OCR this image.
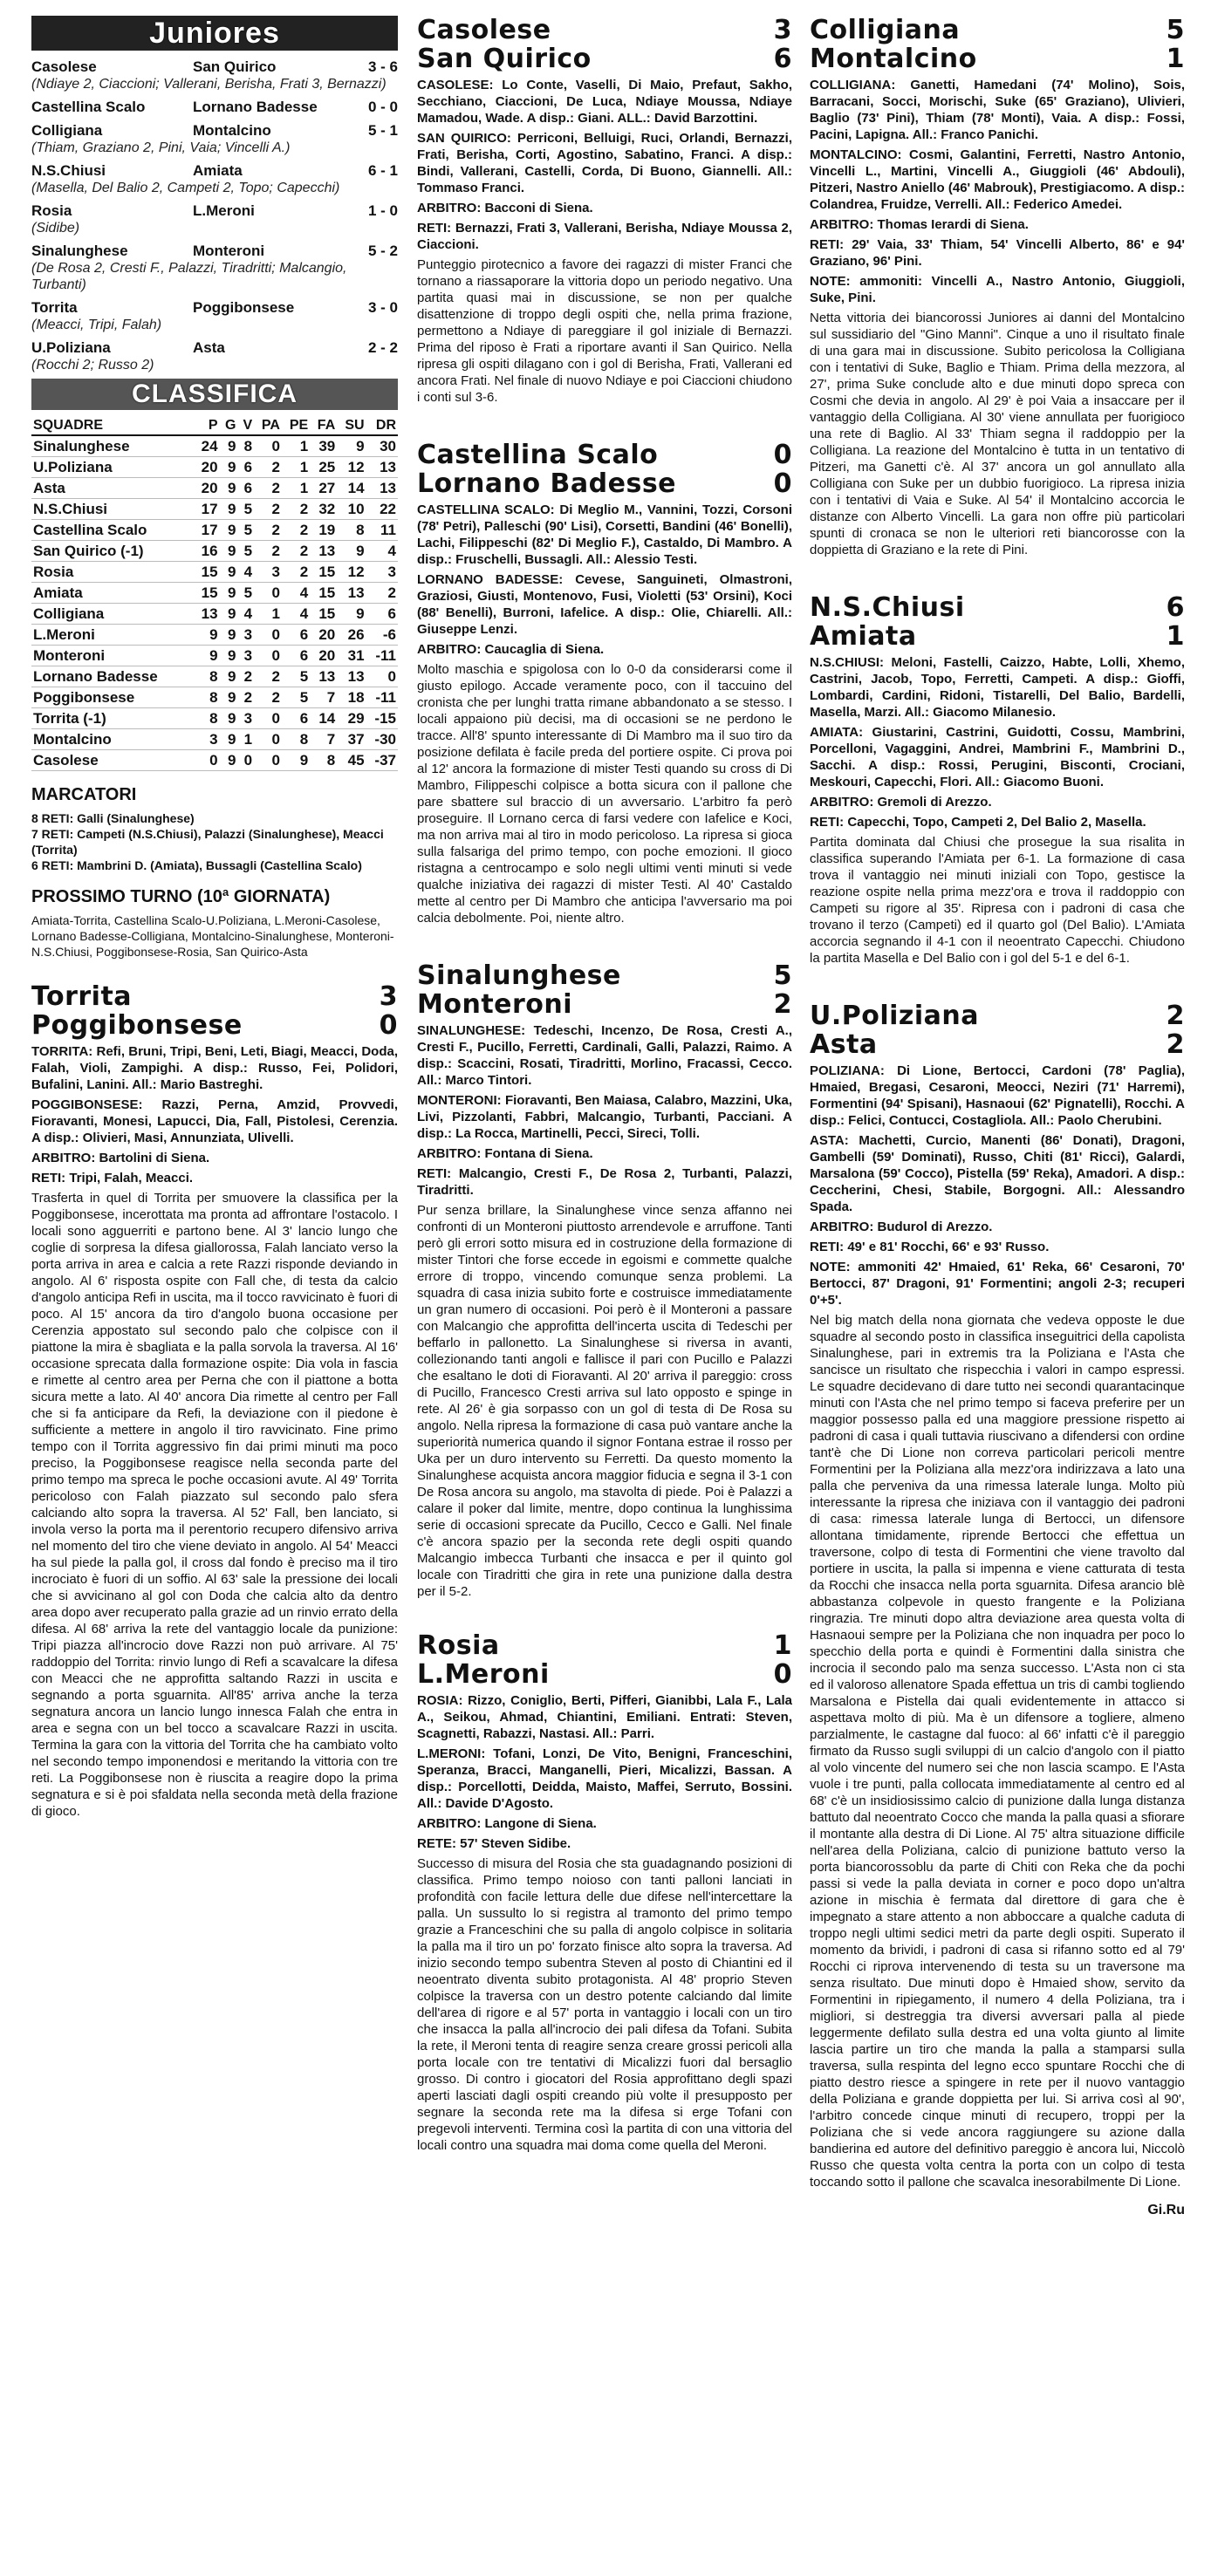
Juniores
Casolese	San Quirico	3 - 6
(Ndiaye 2, Ciaccioni; Vallerani, Berisha, Frati 3, Bernazzi)
Castellina Scalo	Lornano Badesse	0 - 0
Colligiana	Montalcino	5 - 1
(Thiam, Graziano 2, Pini, Vaia; Vincelli A.)
N.S.Chiusi	Amiata	6 - 1
(Masella, Del Balio 2, Campeti 2, Topo; Capecchi)
Rosia	L.Meroni	1 - 0
(Sidibe)
Sinalunghese	Monteroni	5 - 2
(De Rosa 2, Cresti F., Palazzi, Tiradritti; Malcangio, Turbanti)
Torrita	Poggibonsese	3 - 0
(Meacci, Tripi, Falah)
U.Poliziana	Asta	2 - 2
(Rocchi 2; Russo 2)
CLASSIFICA
SQUADRE	P	G	V	PA	PE	FA	SU	DR
Sinalunghese	24	9	8	0	1	39	9	30
U.Poliziana	20	9	6	2	1	25	12	13
Asta	20	9	6	2	1	27	14	13
N.S.Chiusi	17	9	5	2	2	32	10	22
Castellina Scalo	17	9	5	2	2	19	8	11
San Quirico (-1)	16	9	5	2	2	13	9	4
Rosia	15	9	4	3	2	15	12	3
Amiata	15	9	5	0	4	15	13	2
Colligiana	13	9	4	1	4	15	9	6
L.Meroni	9	9	3	0	6	20	26	-6
Monteroni	9	9	3	0	6	20	31	-11
Lornano Badesse	8	9	2	2	5	13	13	0
Poggibonsese	8	9	2	2	5	7	18	-11
Torrita (-1)	8	9	3	0	6	14	29	-15
Montalcino	3	9	1	0	8	7	37	-30
Casolese	0	9	0	0	9	8	45	-37
MARCATORI
8 RETI: Galli (Sinalunghese)
7 RETI: Campeti (N.S.Chiusi), Palazzi (Sinalunghese), Meacci (Torrita)
6 RETI: Mambrini D. (Amiata), Bussagli (Castellina Scalo)
PROSSIMO TURNO (10ª GIORNATA)
Amiata-Torrita, Castellina Scalo-U.Poliziana, L.Meroni-Casolese, Lornano Badesse-Colligiana, Montalcino-Sinalunghese, Monteroni-N.S.Chiusi, Poggibonsese-Rosia, San Quirico-Asta
Torrita	3
Poggibonsese	0
TORRITA: Refi, Bruni, Tripi, Beni, Leti, Biagi, Meacci, Doda, Falah, Violi, Zampighi. A disp.: Russo, Fei, Polidori, Bufalini, Lanini. All.: Mario Bastreghi.
POGGIBONSESE: Razzi, Perna, Amzid, Provvedi, Fioravanti, Monesi, Lapucci, Dia, Fall, Pistolesi, Cerenzia. A disp.: Olivieri, Masi, Annunziata, Ulivelli.
ARBITRO: Bartolini di Siena.
RETI: Tripi, Falah, Meacci.
Trasferta in quel di Torrita per smuovere la classifica per la Poggibonsese, incerottata ma pronta ad affrontare l'ostacolo. I locali sono agguerriti e partono bene. Al 3' lancio lungo che coglie di sorpresa la difesa giallorossa, Falah lanciato verso la porta arriva in area e calcia a rete Razzi risponde deviando in angolo. Al 6' risposta ospite con Fall che, di testa da calcio d'angolo anticipa Refi in uscita, ma il tocco ravvicinato è fuori di poco. Al 15' ancora da tiro d'angolo buona occasione per Cerenzia appostato sul secondo palo che colpisce con il piattone la mira è sbagliata e la palla sorvola la traversa. Al 16' occasione sprecata dalla formazione ospite: Dia vola in fascia e rimette al centro area per Perna che con il piattone a botta sicura mette a lato. Al 40' ancora Dia rimette al centro per Fall che si fa anticipare da Refi, la deviazione con il piedone è sufficiente a mettere in angolo il tiro ravvicinato. Fine primo tempo con il Torrita aggressivo fin dai primi minuti ma poco preciso, la Poggibonsese reagisce nella seconda parte del primo tempo ma spreca le poche occasioni avute. Al 49' Torrita pericoloso con Falah piazzato sul secondo palo sfera calciando alto sopra la traversa. Al 52' Fall, ben lanciato, si invola verso la porta ma il perentorio recupero difensivo arriva nel momento del tiro che viene deviato in angolo. Al 54' Meacci ha sul piede la palla gol, il cross dal fondo è preciso ma il tiro incrociato è fuori di un soffio. Al 63' sale la pressione dei locali che si avvicinano al gol con Doda che calcia alto da dentro area dopo aver recuperato palla grazie ad un rinvio errato della difesa. Al 68' arriva la rete del vantaggio locale da punizione: Tripi piazza all'incrocio dove Razzi non può arrivare. Al 75' raddoppio del Torrita: rinvio lungo di Refi a scavalcare la difesa con Meacci che ne approfitta saltando Razzi in uscita e segnando a porta sguarnita. All'85' arriva anche la terza segnatura ancora un lancio lungo innesca Falah che entra in area e segna con un bel tocco a scavalcare Razzi in uscita. Termina la gara con la vittoria del Torrita che ha cambiato volto nel secondo tempo imponendosi e meritando la vittoria con tre reti. La Poggibonsese non è riuscita a reagire dopo la prima segnatura e si è poi sfaldata nella seconda metà della frazione di gioco.
Casolese	3
San Quirico	6
CASOLESE: Lo Conte, Vaselli, Di Maio, Prefaut, Sakho, Secchiano, Ciaccioni, De Luca, Ndiaye Moussa, Ndiaye Mamadou, Wade. A disp.: Giani. ALL.: David Barzottini.
SAN QUIRICO: Perriconi, Belluigi, Ruci, Orlandi, Bernazzi, Frati, Berisha, Corti, Agostino, Sabatino, Franci. A disp.: Bindi, Vallerani, Castelli, Corda, Di Buono, Giannelli. All.: Tommaso Franci.
ARBITRO: Bacconi di Siena.
RETI: Bernazzi, Frati 3, Vallerani, Berisha, Ndiaye Moussa 2, Ciaccioni.
Punteggio pirotecnico a favore dei ragazzi di mister Franci che tornano a riassaporare la vittoria dopo un periodo negativo. Una partita quasi mai in discussione, se non per qualche disattenzione di troppo degli ospiti che, nella prima frazione, permettono a Ndiaye di pareggiare il gol iniziale di Bernazzi. Prima del riposo è Frati a riportare avanti il San Quirico. Nella ripresa gli ospiti dilagano con i gol di Berisha, Frati, Vallerani ed ancora Frati. Nel finale di nuovo Ndiaye e poi Ciaccioni chiudono i conti sul 3-6.
Castellina Scalo	0
Lornano Badesse	0
CASTELLINA SCALO: Di Meglio M., Vannini, Tozzi, Corsoni (78' Petri), Palleschi (90' Lisi), Corsetti, Bandini (46' Bonelli), Lachi, Filippeschi (82' Di Meglio F.), Castaldo, Di Mambro. A disp.: Fruschelli, Bussagli. All.: Alessio Testi.
LORNANO BADESSE: Cevese, Sanguineti, Olmastroni, Graziosi, Giusti, Montenovo, Fusi, Violetti (53' Orsini), Koci (88' Benelli), Burroni, Iafelice. A disp.: Olie, Chiarelli. All.: Giuseppe Lenzi.
ARBITRO: Caucaglia di Siena.
Molto maschia e spigolosa con lo 0-0 da considerarsi come il giusto epilogo. Accade veramente poco, con il taccuino del cronista che per lunghi tratta rimane abbandonato a se stesso. I locali appaiono più decisi, ma di occasioni se ne perdono le tracce. All'8' spunto interessante di Di Mambro ma il suo tiro da posizione defilata è facile preda del portiere ospite. Ci prova poi al 12' ancora la formazione di mister Testi quando su cross di Di Mambro, Filippeschi colpisce a botta sicura con il pallone che pare sbattere sul braccio di un avversario. L'arbitro fa però proseguire. Il Lornano cerca di farsi vedere con Iafelice e Koci, ma non arriva mai al tiro in modo pericoloso. La ripresa si gioca sulla falsariga del primo tempo, con poche emozioni. Il gioco ristagna a centrocampo e solo negli ultimi venti minuti si vede qualche iniziativa dei ragazzi di mister Testi. Al 40' Castaldo mette al centro per Di Mambro che anticipa l'avversario ma poi calcia debolmente. Poi, niente altro.
Sinalunghese	5
Monteroni	2
SINALUNGHESE: Tedeschi, Incenzo, De Rosa, Cresti A., Cresti F., Pucillo, Ferretti, Cardinali, Galli, Palazzi, Raimo. A disp.: Scaccini, Rosati, Tiradritti, Morlino, Fracassi, Cecco. All.: Marco Tintori.
MONTERONI: Fioravanti, Ben Maiasa, Calabro, Mazzini, Uka, Livi, Pizzolanti, Fabbri, Malcangio, Turbanti, Pacciani. A disp.: La Rocca, Martinelli, Pecci, Sireci, Tolli.
ARBITRO: Fontana di Siena.
RETI: Malcangio, Cresti F., De Rosa 2, Turbanti, Palazzi, Tiradritti.
Pur senza brillare, la Sinalunghese vince senza affanno nei confronti di un Monteroni piuttosto arrendevole e arruffone. Tanti però gli errori sotto misura ed in costruzione della formazione di mister Tintori che forse eccede in egoismi e commette qualche errore di troppo, vincendo comunque senza problemi. La squadra di casa inizia subito forte e costruisce immediatamente un gran numero di occasioni. Poi però è il Monteroni a passare con Malcangio che approfitta dell'incerta uscita di Tedeschi per beffarlo in pallonetto. La Sinalunghese si riversa in avanti, collezionando tanti angoli e fallisce il pari con Pucillo e Palazzi che esaltano le doti di Fioravanti. Al 20' arriva il pareggio: cross di Pucillo, Francesco Cresti arriva sul lato opposto e spinge in rete. Al 26' è gia sorpasso con un gol di testa di De Rosa su angolo. Nella ripresa la formazione di casa può vantare anche la superiorità numerica quando il signor Fontana estrae il rosso per Uka per un duro intervento su Ferretti. Da questo momento la Sinalunghese acquista ancora maggior fiducia e segna il 3-1 con De Rosa ancora su angolo, ma stavolta di piede. Poi è Palazzi a calare il poker dal limite, mentre, dopo continua la lunghissima serie di occasioni sprecate da Pucillo, Cecco e Galli. Nel finale c'è ancora spazio per la seconda rete degli ospiti quando Malcangio imbecca Turbanti che insacca e per il quinto gol locale con Tiradritti che gira in rete una punizione dalla destra per il 5-2.
Rosia	1
L.Meroni	0
ROSIA: Rizzo, Coniglio, Berti, Pifferi, Gianibbi, Lala F., Lala A., Seikou, Ahmad, Chiantini, Emiliani. Entrati: Steven, Scagnetti, Rabazzi, Nastasi. All.: Parri.
L.MERONI: Tofani, Lonzi, De Vito, Benigni, Franceschini, Speranza, Bracci, Manganelli, Pieri, Micalizzi, Bassan. A disp.: Porcellotti, Deidda, Maisto, Maffei, Serruto, Bossini. All.: Davide D'Agosto.
ARBITRO: Langone di Siena.
RETE: 57' Steven Sidibe.
Successo di misura del Rosia che sta guadagnando posizioni di classifica. Primo tempo noioso con tanti palloni lanciati in profondità con facile lettura delle due difese nell'intercettare la palla. Un sussulto lo si registra al tramonto del primo tempo grazie a Franceschini che su palla di angolo colpisce in solitaria la palla ma il tiro un po' forzato finisce alto sopra la traversa. Ad inizio secondo tempo subentra Steven al posto di Chiantini ed il neoentrato diventa subito protagonista. Al 48' proprio Steven colpisce la traversa con un destro potente calciando dal limite dell'area di rigore e al 57' porta in vantaggio i locali con un tiro che insacca la palla all'incrocio dei pali difesa da Tofani. Subita la rete, il Meroni tenta di reagire senza creare grossi pericoli alla porta locale con tre tentativi di Micalizzi fuori dal bersaglio grosso. Di contro i giocatori del Rosia approfittano degli spazi aperti lasciati dagli ospiti creando più volte il presupposto per segnare la seconda rete ma la difesa si erge Tofani con pregevoli interventi. Termina così la partita di con una vittoria del locali contro una squadra mai doma come quella del Meroni.
Colligiana	5
Montalcino	1
COLLIGIANA: Ganetti, Hamedani (74' Molino), Sois, Barracani, Socci, Morischi, Suke (65' Graziano), Ulivieri, Baglio (73' Pini), Thiam (78' Monti), Vaia. A disp.: Fossi, Pacini, Lapigna. All.: Franco Panichi.
MONTALCINO: Cosmi, Galantini, Ferretti, Nastro Antonio, Vincelli L., Martini, Vincelli A., Giuggioli (46' Abdouli), Pitzeri, Nastro Aniello (46' Mabrouk), Prestigiacomo. A disp.: Colandrea, Fruidze, Verrelli. All.: Federico Amedei.
ARBITRO: Thomas Ierardi di Siena.
RETI: 29' Vaia, 33' Thiam, 54' Vincelli Alberto, 86' e 94' Graziano, 96' Pini.
NOTE: ammoniti: Vincelli A., Nastro Antonio, Giuggioli, Suke, Pini.
Netta vittoria dei biancorossi Juniores ai danni del Montalcino sul sussidiario del "Gino Manni". Cinque a uno il risultato finale di una gara mai in discussione. Subito pericolosa la Colligiana con i tentativi di Suke, Baglio e Thiam. Prima della mezzora, al 27', prima Suke conclude alto e due minuti dopo spreca con Cosmi che devia in angolo. Al 29' è poi Vaia a insaccare per il vantaggio della Colligiana. Al 30' viene annullata per fuorigioco una rete di Baglio. Al 33' Thiam segna il raddoppio per la Colligiana. La reazione del Montalcino è tutta in un tentativo di Pitzeri, ma Ganetti c'è. Al 37' ancora un gol annullato alla Colligiana con Suke per un dubbio fuorigioco. La ripresa inizia con i tentativi di Vaia e Suke. Al 54' il Montalcino accorcia le distanze con Alberto Vincelli. La gara non offre più particolari spunti di cronaca se non le ulteriori reti biancorosse con la doppietta di Graziano e la rete di Pini.
N.S.Chiusi	6
Amiata	1
N.S.CHIUSI: Meloni, Fastelli, Caizzo, Habte, Lolli, Xhemo, Castrini, Jacob, Topo, Ferretti, Campeti. A disp.: Gioffi, Lombardi, Cardini, Ridoni, Tistarelli, Del Balio, Bardelli, Masella, Marzi. All.: Giacomo Milanesio.
AMIATA: Giustarini, Castrini, Guidotti, Cossu, Mambrini, Porcelloni, Vagaggini, Andrei, Mambrini F., Mambrini D., Sacchi. A disp.: Rossi, Perugini, Bisconti, Crociani, Meskouri, Capecchi, Flori. All.: Giacomo Buoni.
ARBITRO: Gremoli di Arezzo.
RETI: Capecchi, Topo, Campeti 2, Del Balio 2, Masella.
Partita dominata dal Chiusi che prosegue la sua risalita in classifica superando l'Amiata per 6-1. La formazione di casa trova il vantaggio nei minuti iniziali con Topo, gestisce la reazione ospite nella prima mezz'ora e trova il raddoppio con Campeti su rigore al 35'. Ripresa con i padroni di casa che trovano il terzo (Campeti) ed il quarto gol (Del Balio). L'Amiata accorcia segnando il 4-1 con il neoentrato Capecchi. Chiudono la partita Masella e Del Balio con i gol del 5-1 e del 6-1.
U.Poliziana	2
Asta	2
POLIZIANA: Di Lione, Bertocci, Cardoni (78' Paglia), Hmaied, Bregasi, Cesaroni, Meocci, Neziri (71' Harremi), Formentini (94' Spisani), Hasnaoui (62' Pignatelli), Rocchi. A disp.: Felici, Contucci, Costagliola. All.: Paolo Cherubini.
ASTA: Machetti, Curcio, Manenti (86' Donati), Dragoni, Gambelli (59' Dominati), Russo, Chiti (81' Ricci), Galardi, Marsalona (59' Cocco), Pistella (59' Reka), Amadori. A disp.: Ceccherini, Chesi, Stabile, Borgogni. All.: Alessandro Spada.
ARBITRO: Budurol di Arezzo.
RETI: 49' e 81' Rocchi, 66' e 93' Russo.
NOTE: ammoniti 42' Hmaied, 61' Reka, 66' Cesaroni, 70' Bertocci, 87' Dragoni, 91' Formentini; angoli 2-3; recuperi 0'+5'.
Nel big match della nona giornata che vedeva opposte le due squadre al secondo posto in classifica inseguitrici della capolista Sinalunghese, pari in extremis tra la Poliziana e l'Asta che sancisce un risultato che rispecchia i valori in campo espressi. Le squadre decidevano di dare tutto nei secondi quarantacinque minuti con l'Asta che nel primo tempo si faceva preferire per un maggior possesso palla ed una maggiore pressione rispetto ai padroni di casa i quali tuttavia riuscivano a difendersi con ordine tant'è che Di Lione non correva particolari pericoli mentre Formentini per la Poliziana alla mezz'ora indirizzava a lato una palla che perveniva da una rimessa laterale lunga. Molto più interessante la ripresa che iniziava con il vantaggio dei padroni di casa: rimessa laterale lunga di Bertocci, un difensore allontana timidamente, riprende Bertocci che effettua un traversone, colpo di testa di Formentini che viene travolto dal portiere in uscita, la palla si impenna e viene catturata di testa da Rocchi che insacca nella porta sguarnita. Difesa arancio blè abbastanza colpevole in questo frangente e la Poliziana ringrazia. Tre minuti dopo altra deviazione area questa volta di Hasnaoui sempre per la Poliziana che non inquadra per poco lo specchio della porta e quindi è Formentini dalla sinistra che incrocia il secondo palo ma senza successo. L'Asta non ci sta ed il valoroso allenatore Spada effettua un tris di cambi togliendo Marsalona e Pistella dai quali evidentemente in attacco si aspettava molto di più. Ma è un difensore a togliere, almeno parzialmente, le castagne dal fuoco: al 66' infatti c'è il pareggio firmato da Russo sugli sviluppi di un calcio d'angolo con il piatto al volo vincente del numero sei che non lascia scampo. E l'Asta vuole i tre punti, palla collocata immediatamente al centro ed al 68' c'è un insidiosissimo calcio di punizione dalla lunga distanza battuto dal neoentrato Cocco che manda la palla quasi a sfiorare il montante alla destra di Di Lione. Al 75' altra situazione difficile nell'area della Poliziana, calcio di punizione battuto verso la porta biancorossoblu da parte di Chiti con Reka che da pochi passi si vede la palla deviata in corner e poco dopo un'altra azione in mischia è fermata dal direttore di gara che è impegnato a stare attento a non abboccare a qualche caduta di troppo negli ultimi sedici metri da parte degli ospiti. Superato il momento da brividi, i padroni di casa si rifanno sotto ed al 79' Rocchi ci riprova intervenendo di testa su un traversone ma senza risultato. Due minuti dopo è Hmaied show, servito da Formentini in ripiegamento, il numero 4 della Poliziana, tra i migliori, si destreggia tra diversi avversari palla al piede leggermente defilato sulla destra ed una volta giunto al limite lascia partire un tiro che manda la palla a stamparsi sulla traversa, sulla respinta del legno ecco spuntare Rocchi che di piatto destro riesce a spingere in rete per il nuovo vantaggio della Poliziana e grande doppietta per lui. Si arriva così al 90', l'arbitro concede cinque minuti di recupero, troppi per la Poliziana che si vede ancora raggiungere su azione dalla bandierina ed autore del definitivo pareggio è ancora lui, Niccolò Russo che questa volta centra la porta con un colpo di testa toccando sotto il pallone che scavalca inesorabilmente Di Lione.
Gi.Ru
